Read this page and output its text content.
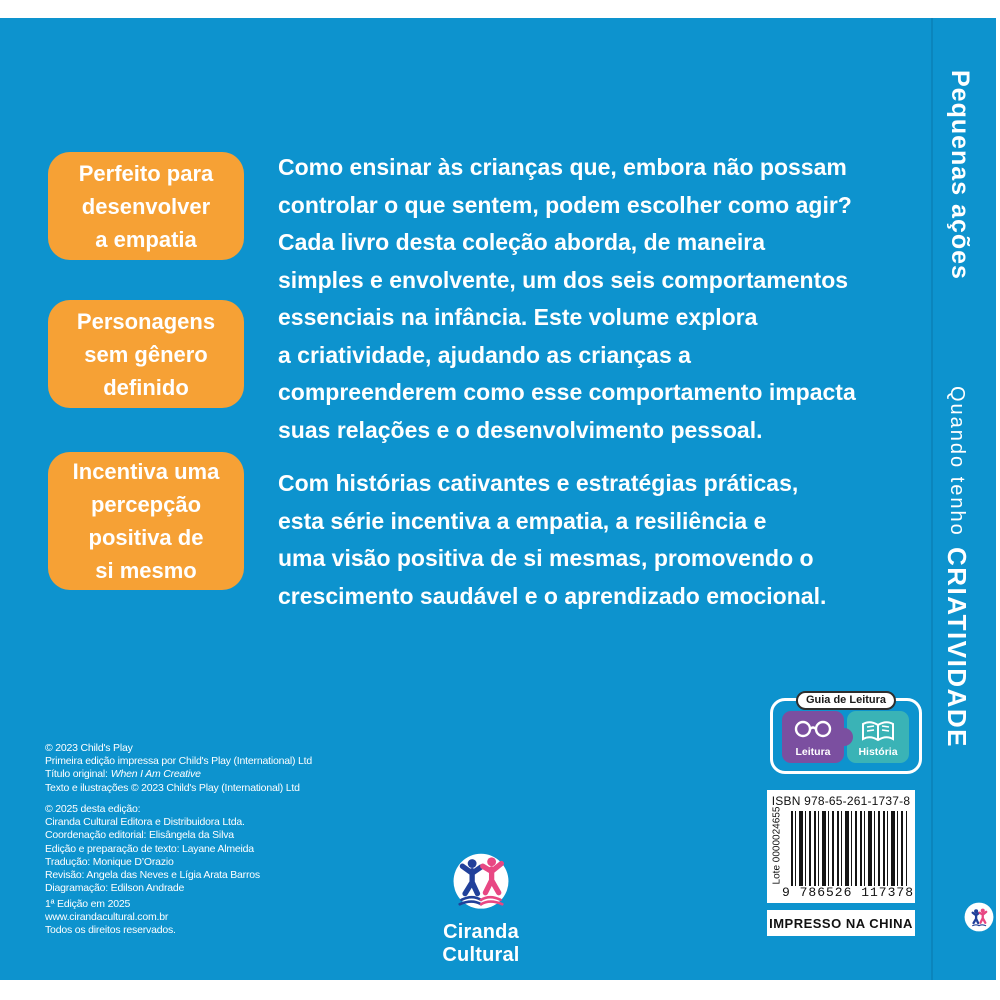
Perfeito para
desenvolver
a empatia
Personagens
sem gênero
definido
Incentiva uma
percepção
positiva de
si mesmo
Como ensinar às crianças que, embora não possam
controlar o que sentem, podem escolher como agir?
Cada livro desta coleção aborda, de maneira
simples e envolvente, um dos seis comportamentos
essenciais na infância. Este volume explora
a criatividade, ajudando as crianças a
compreenderem como esse comportamento impacta
suas relações e o desenvolvimento pessoal.
Com histórias cativantes e estratégias práticas,
esta série incentiva a empatia, a resiliência e
uma visão positiva de si mesmas, promovendo o
crescimento saudável e o aprendizado emocional.
© 2023 Child's Play
Primeira edição impressa por Child's Play (International) Ltd
Título original: When I Am Creative
Texto e ilustrações © 2023 Child's Play (International) Ltd
© 2025 desta edição:
Ciranda Cultural Editora e Distribuidora Ltda.
Coordenação editorial: Elisângela da Silva
Edição e preparação de texto: Layane Almeida
Tradução: Monique D’Orazio
Revisão: Angela das Neves e Lígia Arata Barros
Diagramação: Edilson Andrade
1ª Edição em 2025
www.cirandacultural.com.br
Todos os direitos reservados.	Ciranda Cultural
Guia de Leitura
Leitura	História
ISBN 978-65-261-1737-8
9 786526 117378
Lote 0000024655
IMPRESSO NA CHINA
Pequenas ações
Quando tenho CRIATIVIDADE
